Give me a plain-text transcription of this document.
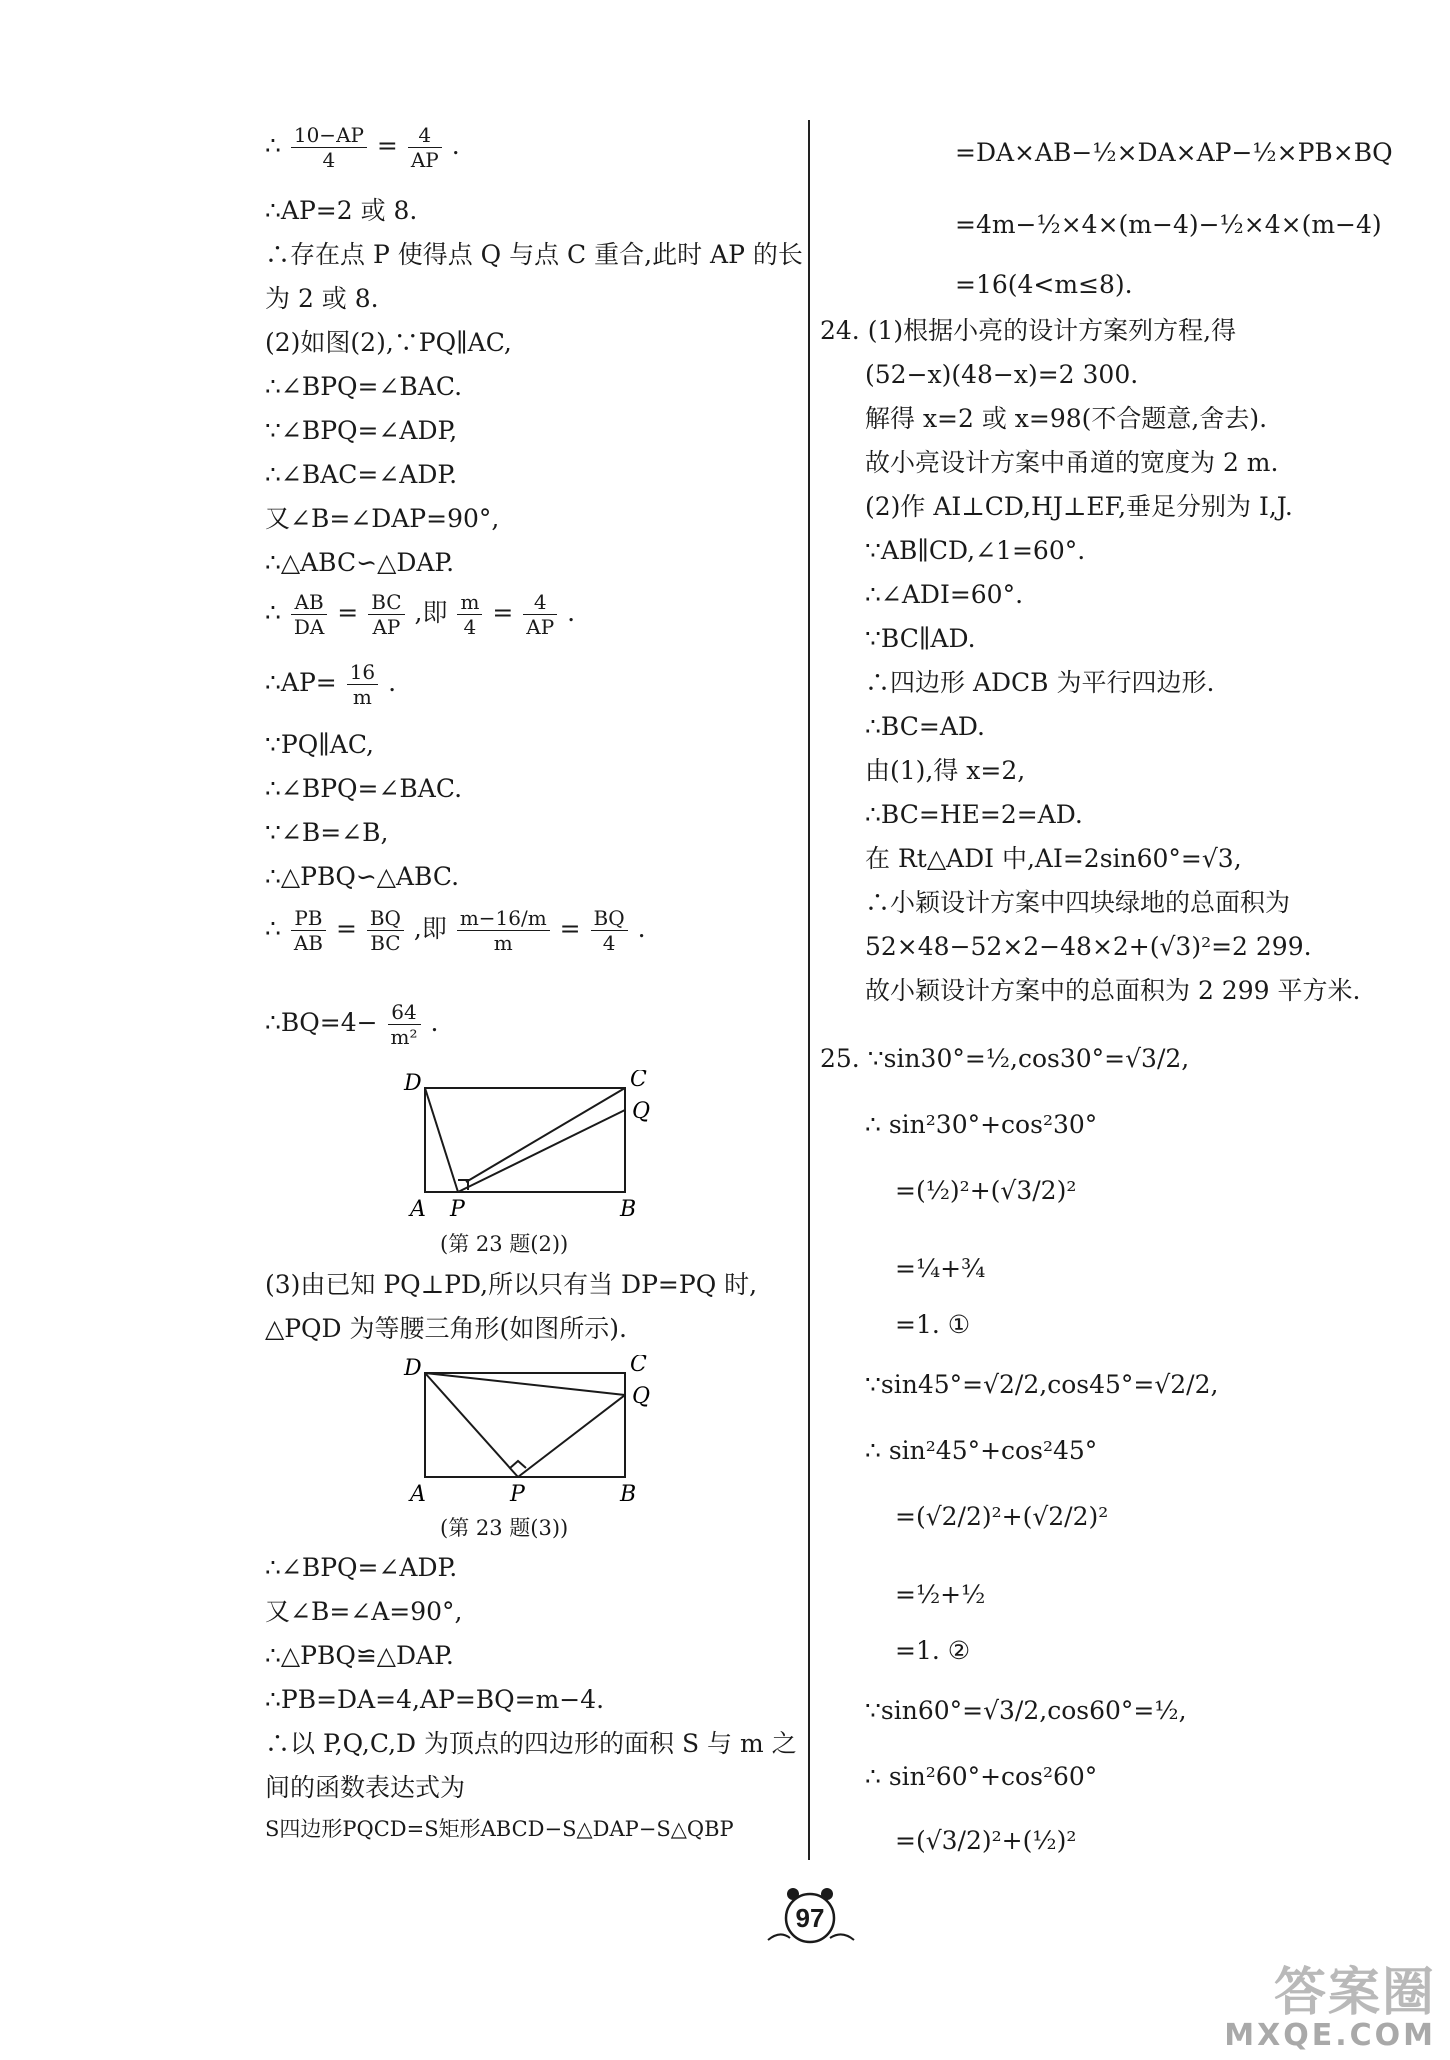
∴ $\frac{10-AP}{4} = \frac{4}{AP}$ .
∴AP=2 或 8.
∴存在点 P 使得点 Q 与点 C 重合,此时 AP 的长
为 2 或 8.
(2)如图(2),∵PQ∥AC,
∴∠BPQ=∠BAC.
∵∠BPQ=∠ADP,
∴∠BAC=∠ADP.
又∠B=∠DAP=90°,
∴△ABC∽△DAP.
∴ $\frac{AB}{DA} = \frac{BC}{AP}$ ,即 $\frac{m}{4} = \frac{4}{AP}$ .
∴AP= $\frac{16}{m}$ .
∵PQ∥AC,
∴∠BPQ=∠BAC.
∵∠B=∠B,
∴△PBQ∽△ABC.
∴ $\frac{PB}{AB} = \frac{BQ}{BC}$ ,即 $\frac{m-16/m}{m} = \frac{BQ}{4}$ .
∴BQ=4− $\frac{64}{\text{m²}}$ .
D	C
Q
A P	B
(第 23 题(2))
(3)由已知 PQ⊥PD,所以只有当 DP=PQ 时,
△PQD 为等腰三角形(如图所示).
D	C
Q
A	P	B
(第 23 题(3))
∴∠BPQ=∠ADP.
又∠B=∠A=90°,
∴△PBQ≌△DAP.
∴PB=DA=4,AP=BQ=m−4.
∴以 P,Q,C,D 为顶点的四边形的面积 S 与 m 之
间的函数表达式为
S四边形PQCD=S矩形ABCD−S△DAP−S△QBP
=DA×AB−½×DA×AP−½×PB×BQ
=4m−½×4×(m−4)−½×4×(m−4)
=16(4<m≤8).
24. (1)根据小亮的设计方案列方程,得
(52−x)(48−x)=2 300.
解得 x=2 或 x=98(不合题意,舍去).
故小亮设计方案中甬道的宽度为 2 m.
(2)作 AI⊥CD,HJ⊥EF,垂足分别为 I,J.
∵AB∥CD,∠1=60°.
∴∠ADI=60°.
∵BC∥AD.
∴四边形 ADCB 为平行四边形.
∴BC=AD.
由(1),得 x=2,
∴BC=HE=2=AD.
在 Rt△ADI 中,AI=2sin60°=√3,
∴小颖设计方案中四块绿地的总面积为
52×48−52×2−48×2+(√3)²=2 299.
故小颖设计方案中的总面积为 2 299 平方米.
25. ∵sin30°=½,cos30°=√3/2,
∴ sin²30°+cos²30°
=(½)²+(√3/2)²
=¼+¾
=1. ①
∵sin45°=√2/2,cos45°=√2/2,
∴ sin²45°+cos²45°
=(√2/2)²+(√2/2)²
=½+½
=1. ②
∵sin60°=√3/2,cos60°=½,
∴ sin²60°+cos²60°
=(√3/2)²+(½)²
97
答案圈
MXQE.COM
